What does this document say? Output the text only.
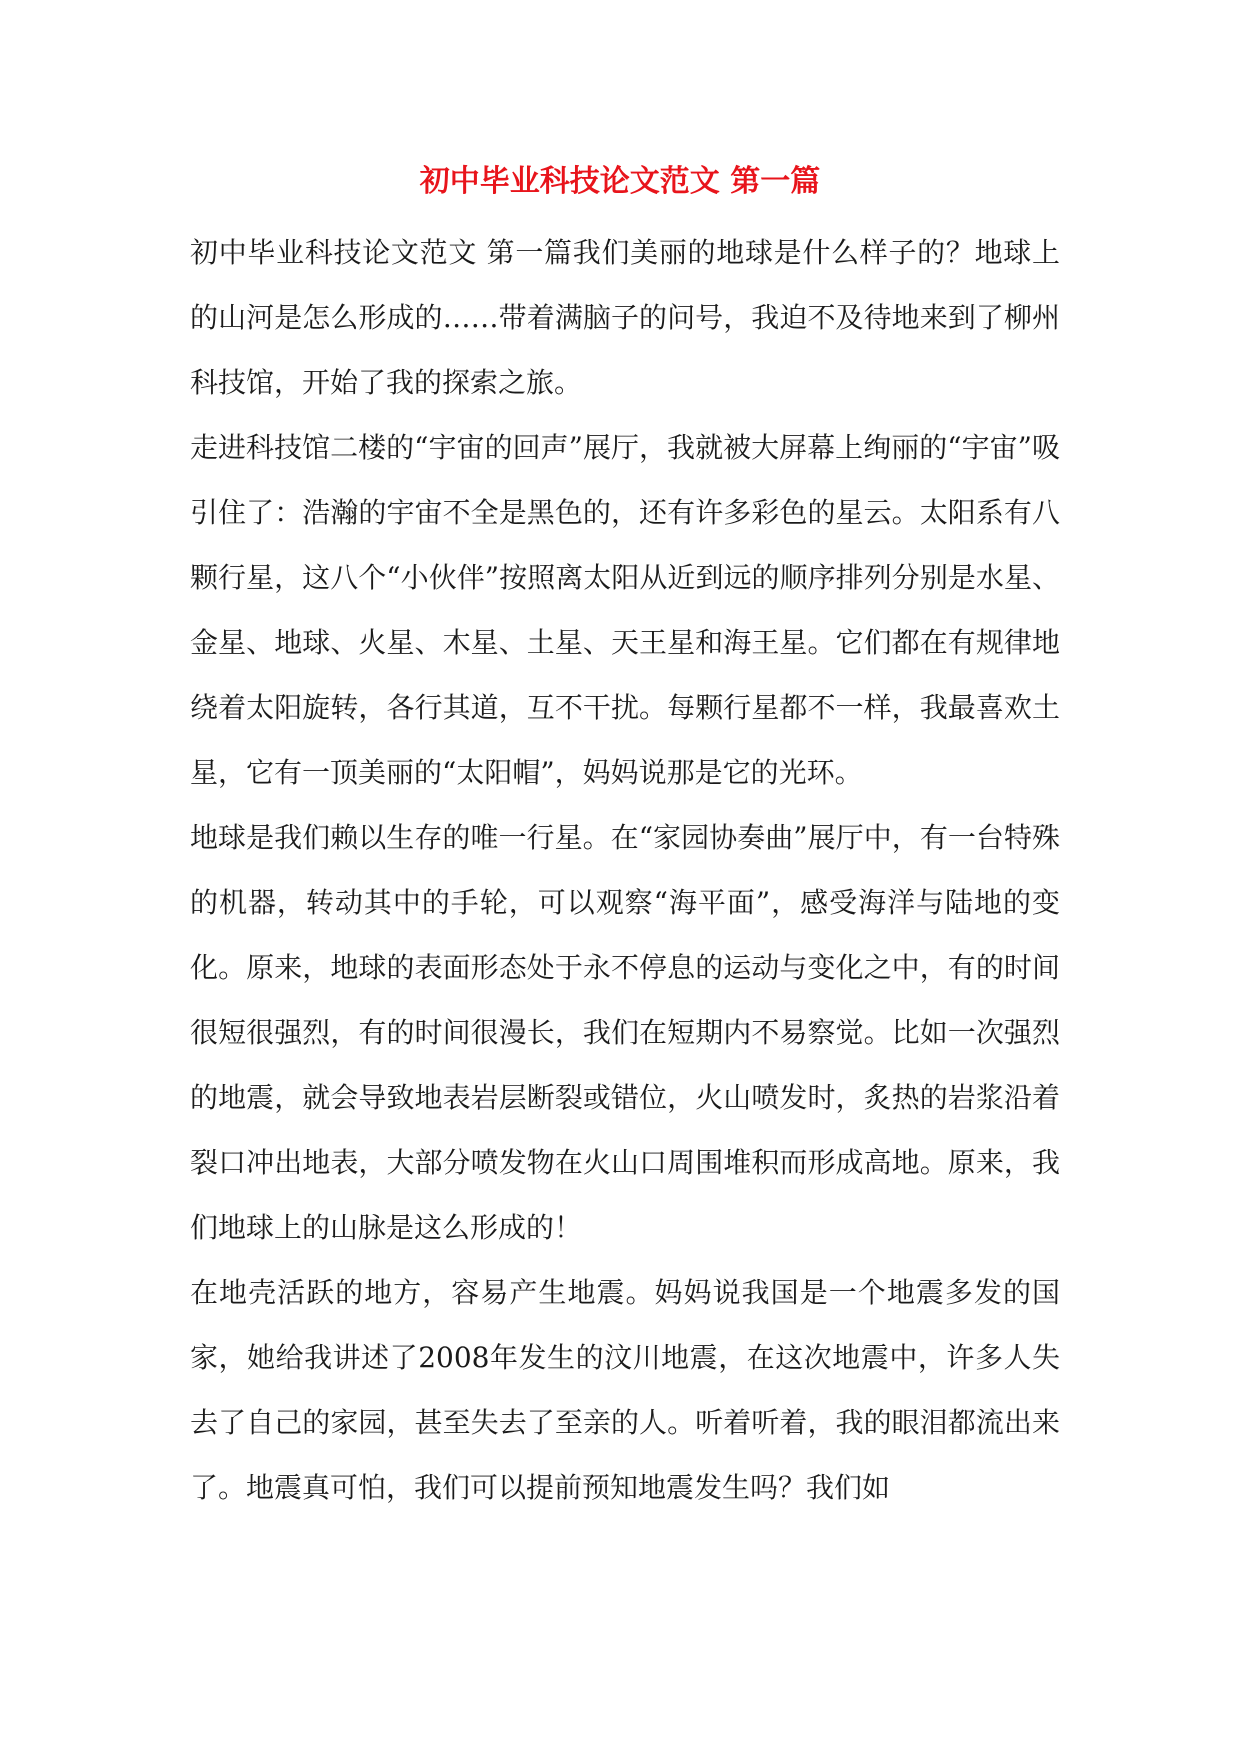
初中毕业科技论文范文 第一篇

初中毕业科技论文范文 第一篇我们美丽的地球是什么样子的？地球上的山河是怎么形成的……带着满脑子的问号，我迫不及待地来到了柳州科技馆，开始了我的探索之旅。

走进科技馆二楼的“宇宙的回声”展厅，我就被大屏幕上绚丽的“宇宙”吸引住了：浩瀚的宇宙不全是黑色的，还有许多彩色的星云。太阳系有八颗行星，这八个“小伙伴”按照离太阳从近到远的顺序排列分别是水星、金星、地球、火星、木星、土星、天王星和海王星。它们都在有规律地绕着太阳旋转，各行其道，互不干扰。每颗行星都不一样，我最喜欢土星，它有一顶美丽的“太阳帽”，妈妈说那是它的光环。

地球是我们赖以生存的唯一行星。在“家园协奏曲”展厅中，有一台特殊的机器，转动其中的手轮，可以观察“海平面”，感受海洋与陆地的变化。原来，地球的表面形态处于永不停息的运动与变化之中，有的时间很短很强烈，有的时间很漫长，我们在短期内不易察觉。比如一次强烈的地震，就会导致地表岩层断裂或错位，火山喷发时，炙热的岩浆沿着裂口冲出地表，大部分喷发物在火山口周围堆积而形成高地。原来，我们地球上的山脉是这么形成的！

在地壳活跃的地方，容易产生地震。妈妈说我国是一个地震多发的国家，她给我讲述了2008年发生的汶川地震，在这次地震中，许多人失去了自己的家园，甚至失去了至亲的人。听着听着，我的眼泪都流出来了。地震真可怕，我们可以提前预知地震发生吗？我们如
